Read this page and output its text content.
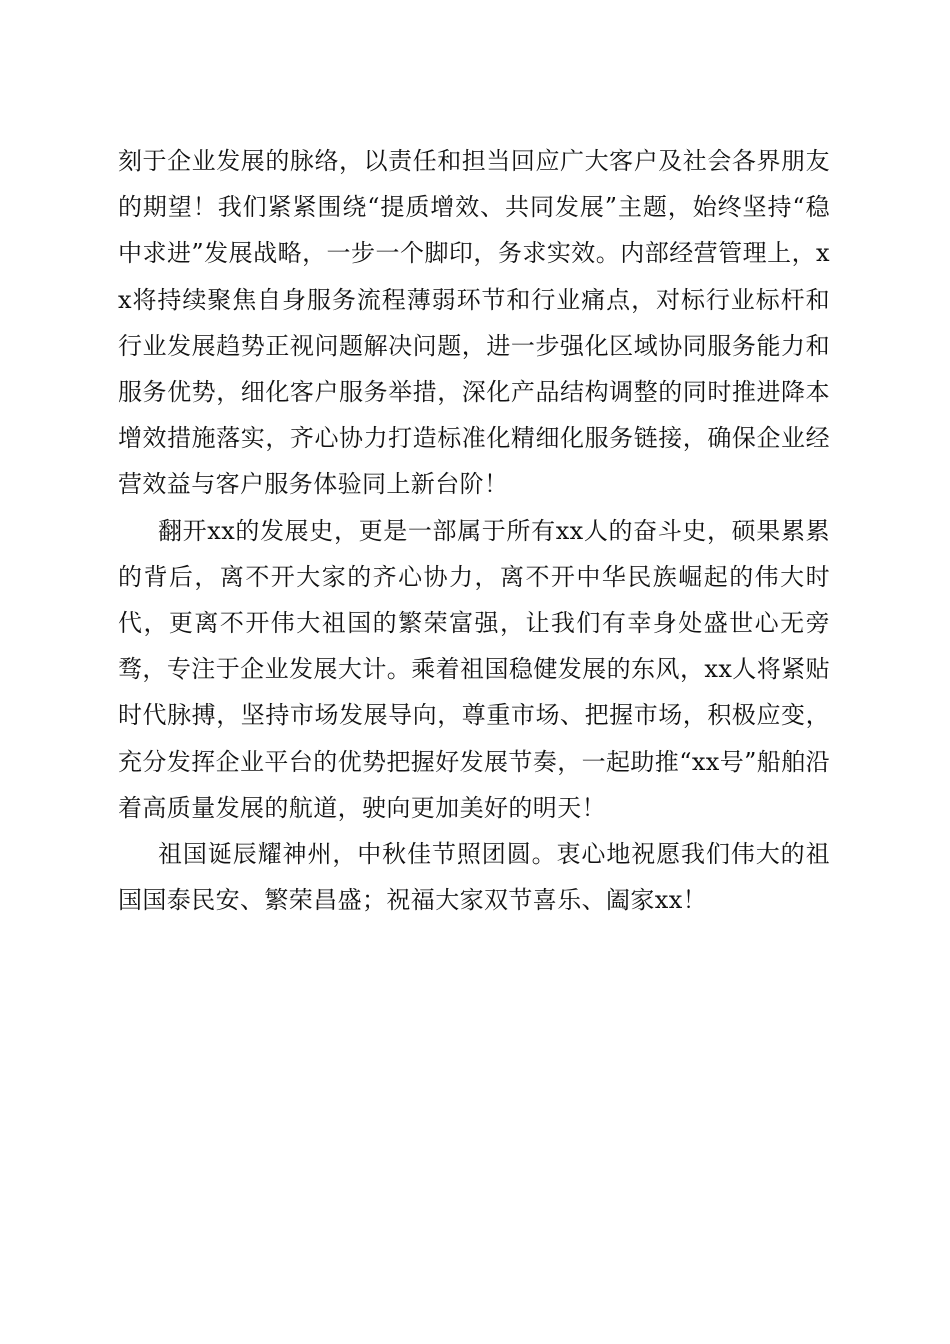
刻于企业发展的脉络，以责任和担当回应广大客户及社会各界朋友的期望！我们紧紧围绕“提质增效、共同发展”主题，始终坚持“稳中求进”发展战略，一步一个脚印，务求实效。内部经营管理上，xx将持续聚焦自身服务流程薄弱环节和行业痛点，对标行业标杆和行业发展趋势正视问题解决问题，进一步强化区域协同服务能力和服务优势，细化客户服务举措，深化产品结构调整的同时推进降本增效措施落实，齐心协力打造标准化精细化服务链接，确保企业经营效益与客户服务体验同上新台阶！

翻开xx的发展史，更是一部属于所有xx人的奋斗史，硕果累累的背后，离不开大家的齐心协力，离不开中华民族崛起的伟大时代，更离不开伟大祖国的繁荣富强，让我们有幸身处盛世心无旁骛，专注于企业发展大计。乘着祖国稳健发展的东风，xx人将紧贴时代脉搏，坚持市场发展导向，尊重市场、把握市场，积极应变，充分发挥企业平台的优势把握好发展节奏，一起助推“xx号”船舶沿着高质量发展的航道，驶向更加美好的明天！

祖国诞辰耀神州，中秋佳节照团圆。衷心地祝愿我们伟大的祖国国泰民安、繁荣昌盛；祝福大家双节喜乐、阖家xx！
